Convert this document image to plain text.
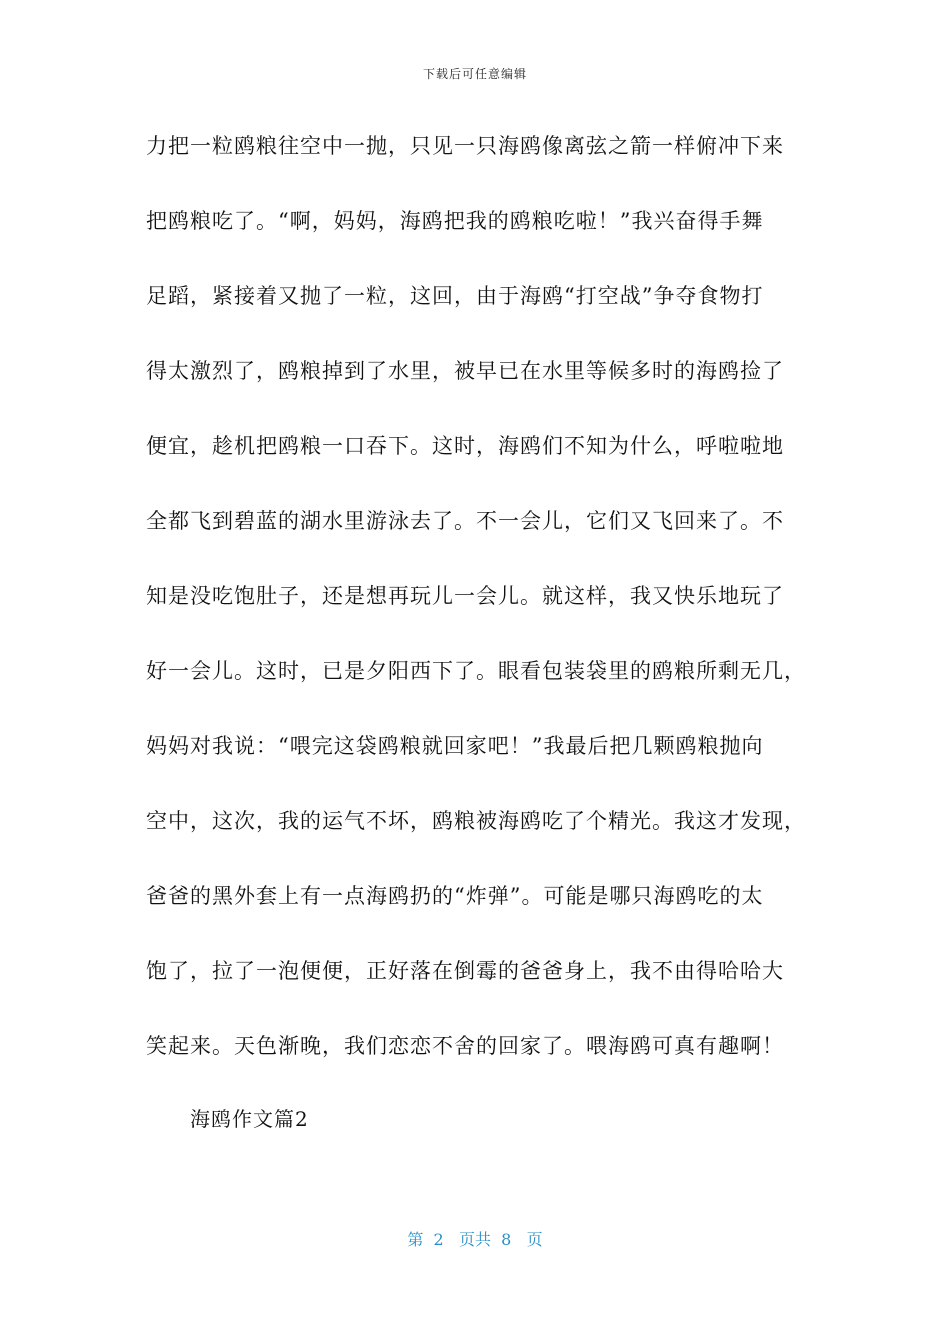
下载后可任意编辑
力把一粒鸥粮往空中一抛，只见一只海鸥像离弦之箭一样俯冲下来
把鸥粮吃了。“啊，妈妈，海鸥把我的鸥粮吃啦！”我兴奋得手舞
足蹈，紧接着又抛了一粒，这回，由于海鸥“打空战”争夺食物打
得太激烈了，鸥粮掉到了水里，被早已在水里等候多时的海鸥捡了
便宜，趁机把鸥粮一口吞下。这时，海鸥们不知为什么，呼啦啦地
全都飞到碧蓝的湖水里游泳去了。不一会儿，它们又飞回来了。不
知是没吃饱肚子，还是想再玩儿一会儿。就这样，我又快乐地玩了
好一会儿。这时，已是夕阳西下了。眼看包装袋里的鸥粮所剩无几，
妈妈对我说：“喂完这袋鸥粮就回家吧！”我最后把几颗鸥粮抛向
空中，这次，我的运气不坏，鸥粮被海鸥吃了个精光。我这才发现，
爸爸的黑外套上有一点海鸥扔的“炸弹”。可能是哪只海鸥吃的太
饱了，拉了一泡便便，正好落在倒霉的爸爸身上，我不由得哈哈大
笑起来。天色渐晚，我们恋恋不舍的回家了。喂海鸥可真有趣啊！
海鸥作文篇2
第  2   页共  8   页
